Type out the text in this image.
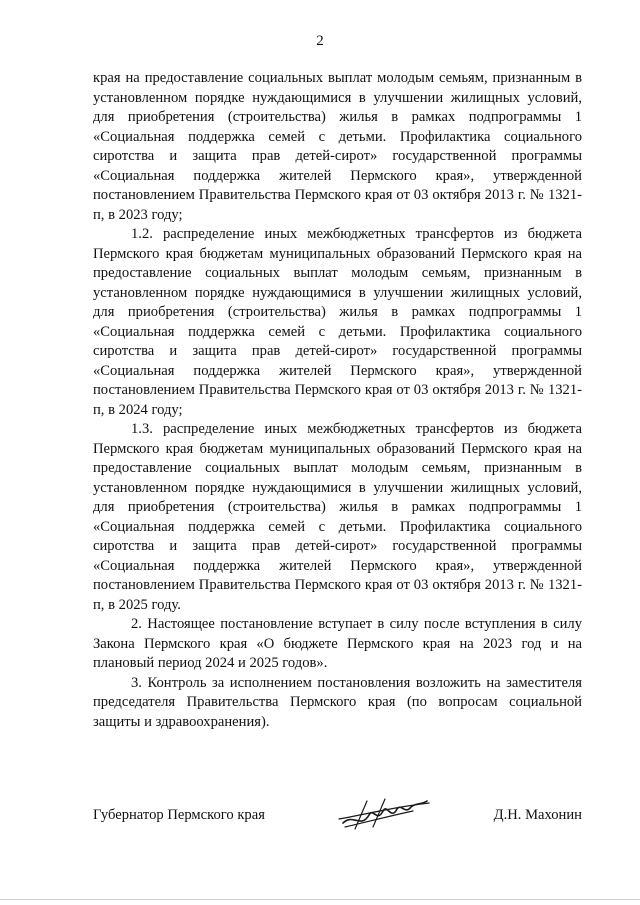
2

края на предоставление социальных выплат молодым семьям, признанным в установленном порядке нуждающимися в улучшении жилищных условий, для приобретения (строительства) жилья в рамках подпрограммы 1 «Социальная поддержка семей с детьми. Профилактика социального сиротства и защита прав детей-сирот» государственной программы «Социальная поддержка жителей Пермского края», утвержденной постановлением Правительства Пермского края от 03 октября 2013 г. № 1321-п, в 2023 году;

1.2. распределение иных межбюджетных трансфертов из бюджета Пермского края бюджетам муниципальных образований Пермского края на предоставление социальных выплат молодым семьям, признанным в установленном порядке нуждающимися в улучшении жилищных условий, для приобретения (строительства) жилья в рамках подпрограммы 1 «Социальная поддержка семей с детьми. Профилактика социального сиротства и защита прав детей-сирот» государственной программы «Социальная поддержка жителей Пермского края», утвержденной постановлением Правительства Пермского края от 03 октября 2013 г. № 1321-п, в 2024 году;

1.3. распределение иных межбюджетных трансфертов из бюджета Пермского края бюджетам муниципальных образований Пермского края на предоставление социальных выплат молодым семьям, признанным в установленном порядке нуждающимися в улучшении жилищных условий, для приобретения (строительства) жилья в рамках подпрограммы 1 «Социальная поддержка семей с детьми. Профилактика социального сиротства и защита прав детей-сирот» государственной программы «Социальная поддержка жителей Пермского края», утвержденной постановлением Правительства Пермского края от 03 октября 2013 г. № 1321-п, в 2025 году.

2. Настоящее постановление вступает в силу после вступления в силу Закона Пермского края «О бюджете Пермского края на 2023 год и на плановый период 2024 и 2025 годов».

3. Контроль за исполнением постановления возложить на заместителя председателя Правительства Пермского края (по вопросам социальной защиты и здравоохранения).

Губернатор Пермского края	Д.Н. Махонин
